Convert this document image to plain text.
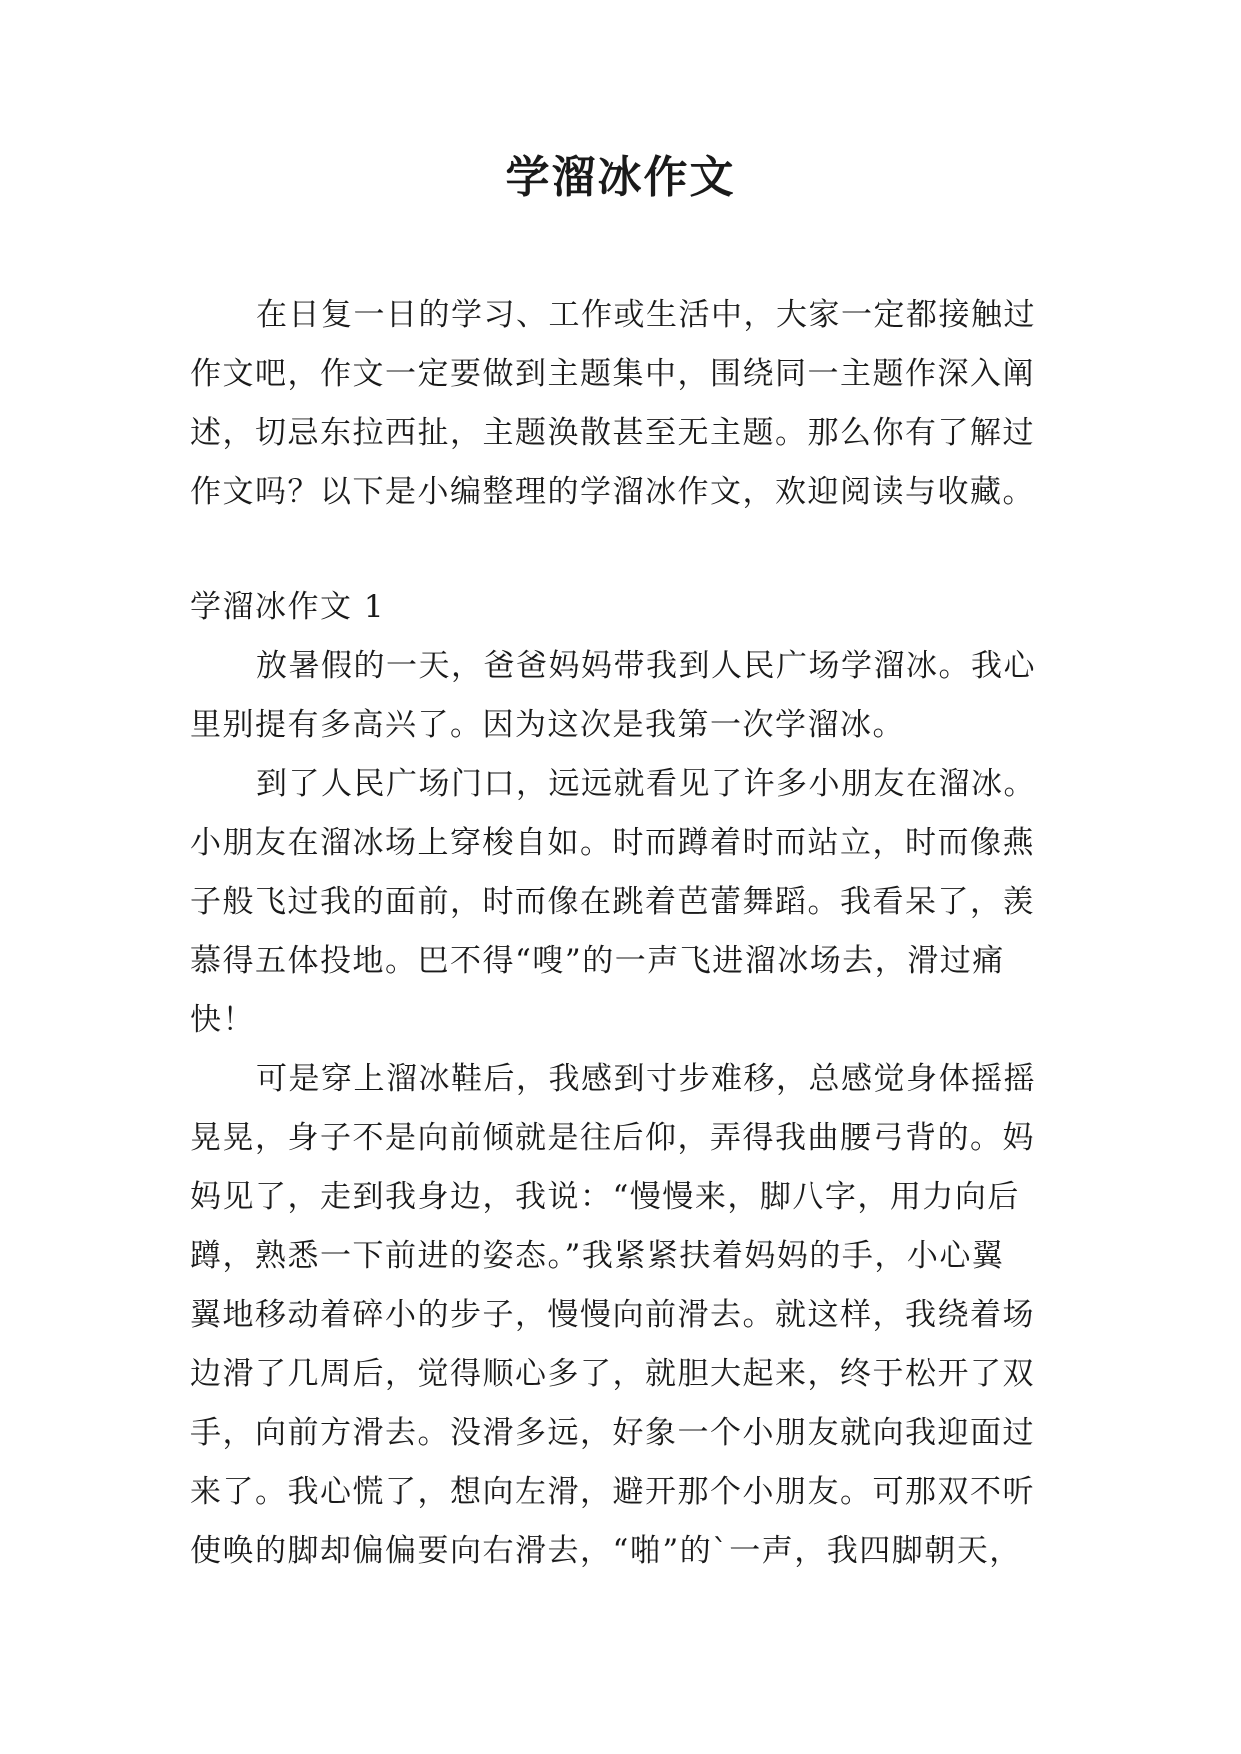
学溜冰作文
在日复一日的学习、工作或生活中，大家一定都接触过
作文吧，作文一定要做到主题集中，围绕同一主题作深入阐
述，切忌东拉西扯，主题涣散甚至无主题。那么你有了解过
作文吗？以下是小编整理的学溜冰作文，欢迎阅读与收藏。
学溜冰作文 1
放暑假的一天，爸爸妈妈带我到人民广场学溜冰。我心
里别提有多高兴了。因为这次是我第一次学溜冰。
到了人民广场门口，远远就看见了许多小朋友在溜冰。
小朋友在溜冰场上穿梭自如。时而蹲着时而站立，时而像燕
子般飞过我的面前，时而像在跳着芭蕾舞蹈。我看呆了，羡
慕得五体投地。巴不得“嗖”的一声飞进溜冰场去，滑过痛
快！
可是穿上溜冰鞋后，我感到寸步难移，总感觉身体摇摇
晃晃，身子不是向前倾就是往后仰，弄得我曲腰弓背的。妈
妈见了，走到我身边，我说：“慢慢来，脚八字，用力向后
蹲，熟悉一下前进的姿态。”我紧紧扶着妈妈的手，小心翼
翼地移动着碎小的步子，慢慢向前滑去。就这样，我绕着场
边滑了几周后，觉得顺心多了，就胆大起来，终于松开了双
手，向前方滑去。没滑多远，好象一个小朋友就向我迎面过
来了。我心慌了，想向左滑，避开那个小朋友。可那双不听
使唤的脚却偏偏要向右滑去，“啪”的`一声，我四脚朝天，
